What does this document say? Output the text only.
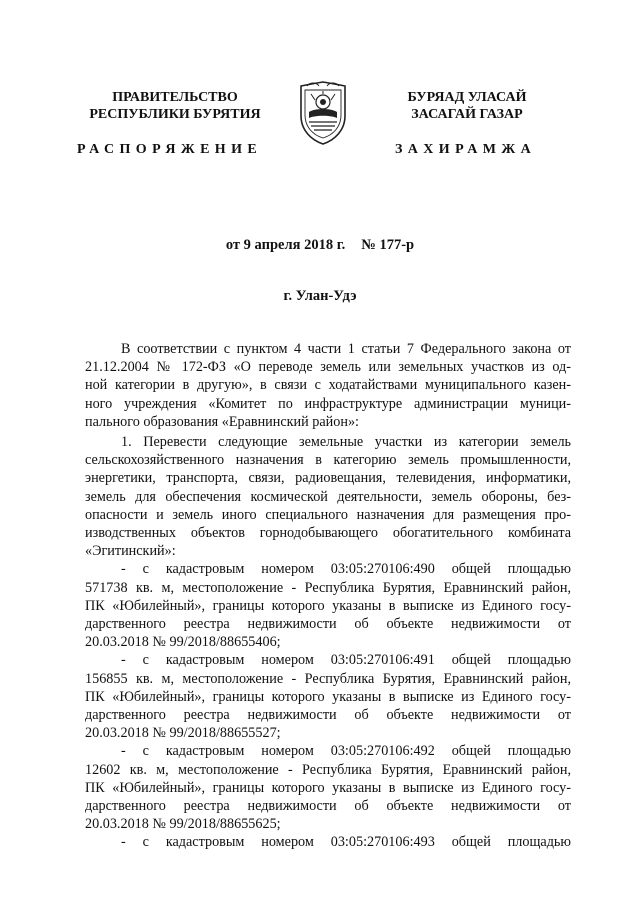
ПРАВИТЕЛЬСТВО
РЕСПУБЛИКИ БУРЯТИЯ
БУРЯАД УЛАСАЙ
ЗАСАГАЙ ГАЗАР
РАСПОРЯЖЕНИЕ	ЗАХИРАМЖА
от 9 апреля 2018 г. № 177-р
г. Улан-Удэ
В соответствии с пунктом 4 части 1 статьи 7 Федерального закона от
21.12.2004 № 172-ФЗ «О переводе земель или земельных участков из од-
ной категории в другую», в связи с ходатайствами муниципального казен-
ного учреждения «Комитет по инфраструктуре администрации муници-
пального образования «Еравнинский район»:
1. Перевести следующие земельные участки из категории земель
сельскохозяйственного назначения в категорию земель промышленности,
энергетики, транспорта, связи, радиовещания, телевидения, информатики,
земель для обеспечения космической деятельности, земель обороны, без-
опасности и земель иного специального назначения для размещения про-
изводственных объектов горнодобывающего обогатительного комбината
«Эгитинский»:
- с кадастровым номером 03:05:270106:490 общей площадью
571738 кв. м, местоположение - Республика Бурятия, Еравнинский район,
ПК «Юбилейный», границы которого указаны в выписке из Единого госу-
дарственного реестра недвижимости об объекте недвижимости от
20.03.2018 № 99/2018/88655406;
- с кадастровым номером 03:05:270106:491 общей площадью
156855 кв. м, местоположение - Республика Бурятия, Еравнинский район,
ПК «Юбилейный», границы которого указаны в выписке из Единого госу-
дарственного реестра недвижимости об объекте недвижимости от
20.03.2018 № 99/2018/88655527;
- с кадастровым номером 03:05:270106:492 общей площадью
12602 кв. м, местоположение - Республика Бурятия, Еравнинский район,
ПК «Юбилейный», границы которого указаны в выписке из Единого госу-
дарственного реестра недвижимости об объекте недвижимости от
20.03.2018 № 99/2018/88655625;
- с кадастровым номером 03:05:270106:493 общей площадью
